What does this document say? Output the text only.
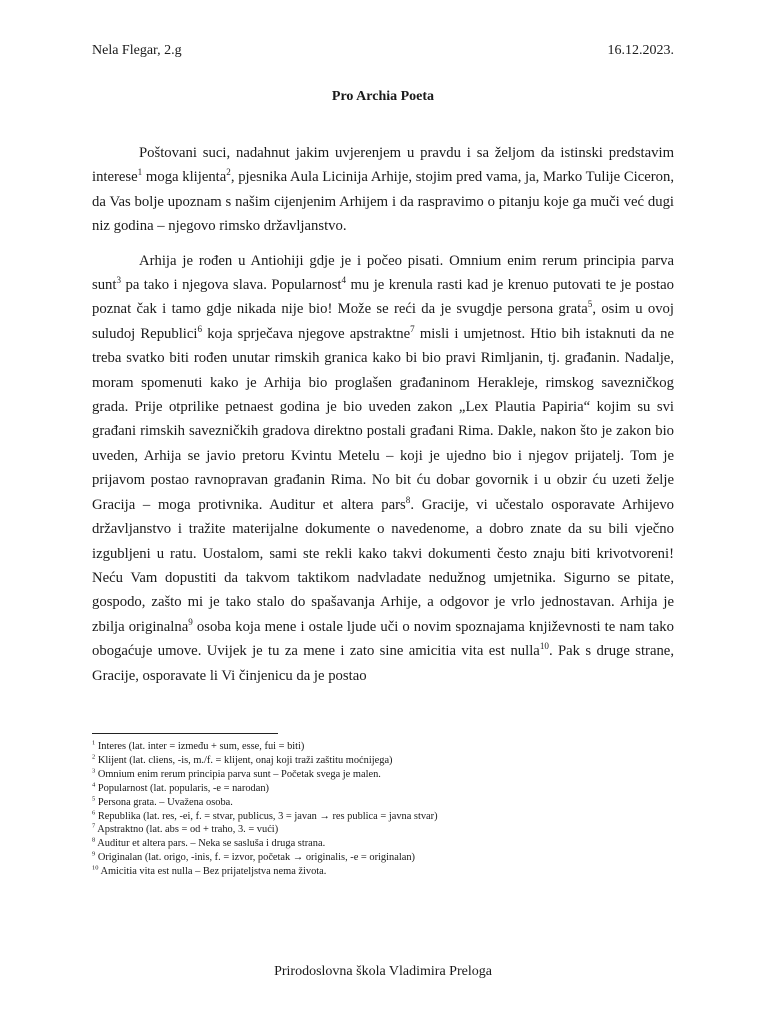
Nela Flegar, 2.g	16.12.2023.
Pro Archia Poeta

Poštovani suci, nadahnut jakim uvjerenjem u pravdu i sa željom da istinski predstavim interese$^1$ moga klijenta$^2$, pjesnika Aula Licinija Arhije, stojim pred vama, ja, Marko Tulije Ciceron, da Vas bolje upoznam s našim cijenjenim Arhijem i da raspravimo o pitanju koje ga muči već dugi niz godina – njegovo rimsko državljanstvo.

Arhija je rođen u Antiohiji gdje je i počeo pisati. Omnium enim rerum principia parva sunt$^3$ pa tako i njegova slava. Popularnost$^4$ mu je krenula rasti kad je krenuo putovati te je postao poznat čak i tamo gdje nikada nije bio! Može se reći da je svugdje persona grata$^5$, osim u ovoj suludoj Republici$^6$ koja sprječava njegove apstraktne$^7$ misli i umjetnost. Htio bih istaknuti da ne treba svatko biti rođen unutar rimskih granica kako bi bio pravi Rimljanin, tj. građanin. Nadalje, moram spomenuti kako je Arhija bio proglašen građaninom Herakleje, rimskog savezničkog grada. Prije otprilike petnaest godina je bio uveden zakon „Lex Plautia Papiria“ kojim su svi građani rimskih savezničkih gradova direktno postali građani Rima. Dakle, nakon što je zakon bio uveden, Arhija se javio pretoru Kvintu Metelu – koji je ujedno bio i njegov prijatelj. Tom je prijavom postao ravnopravan građanin Rima. No bit ću dobar govornik i u obzir ću uzeti želje Gracija – moga protivnika. Auditur et altera pars$^8$. Gracije, vi učestalo osporavate Arhijevo državljanstvo i tražite materijalne dokumente o navedenome, a dobro znate da su bili vječno izgubljeni u ratu. Uostalom, sami ste rekli kako takvi dokumenti često znaju biti krivotvoreni! Neću Vam dopustiti da takvom taktikom nadvladate nedužnog umjetnika. Sigurno se pitate, gospodo, zašto mi je tako stalo do spašavanja Arhije, a odgovor je vrlo jednostavan. Arhija je zbilja originalna$^9$ osoba koja mene i ostale ljude uči o novim spoznajama književnosti te nam tako obogaćuje umove. Uvijek je tu za mene i zato sine amicitia vita est nulla$^{10}$. Pak s druge strane, Gracije, osporavate li Vi činjenicu da je postao

$^1$ Interes (lat. inter = između + sum, esse, fui = biti)
$^2$ Klijent (lat. cliens, -is, m./f. = klijent, onaj koji traži zaštitu moćnijega)
$^3$ Omnium enim rerum principia parva sunt – Početak svega je malen.
$^4$ Popularnost (lat. popularis, -e = narodan)
$^5$ Persona grata. – Uvažena osoba.
$^6$ Republika (lat. res, -ei, f. = stvar, publicus, 3 = javan → res publica = javna stvar)
$^7$ Apstraktno (lat. abs = od + traho, 3. = vući)
$^8$ Auditur et altera pars. – Neka se sasluša i druga strana.
$^9$ Originalan (lat. origo, -inis, f. = izvor, početak → originalis, -e = originalan)
$^{10}$ Amicitia vita est nulla – Bez prijateljstva nema života.
Prirodoslovna škola Vladimira Preloga
